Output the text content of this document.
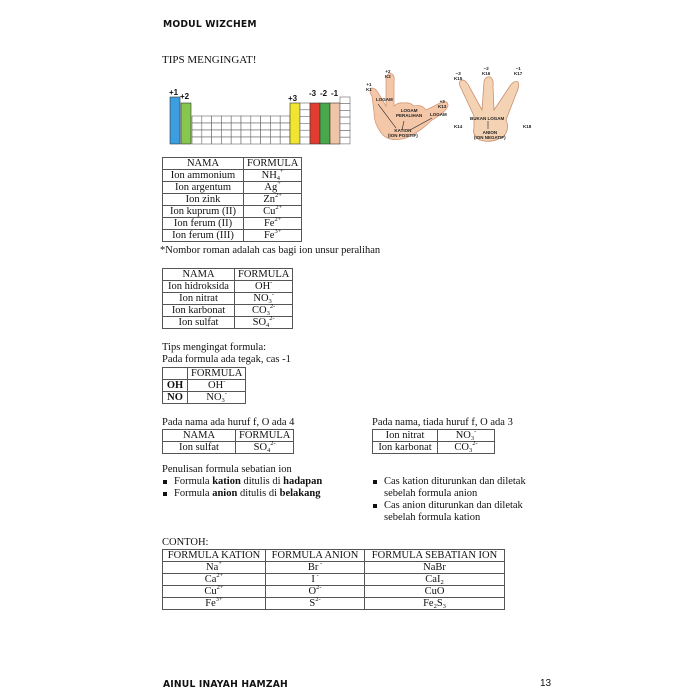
MODUL WIZCHEM
TIPS MENGINGAT!
+1 +2	+3
-3 -2 -1
+1
K1
+2
K2
+3
K13
LOGAM
LOGAM
PERALIHAN LOGAM
KATION
(ION POSITIF)
−3
K15
−2
K16
−1
K17
K14	K18
BUKAN LOGAM
ANION
(ION NEGATIF)
NAMA	FORMULA
Ion ammonium	$NH_4^+$
Ion argentum	Ag+
Ion zink	$Zn^{2+}$
Ion kuprum (II)	$Cu^{2+}$
Ion ferum (II)	$Fe^{2+}$
Ion ferum (III)	$Fe^{3+}$
*Nombor roman adalah cas bagi ion unsur peralihan
NAMA	FORMULA
Ion hidroksida	OH-
Ion nitrat	$NO_3^-$
Ion karbonat	$CO_3^{2-}$
Ion sulfat	$SO_4^{2-}$
Tips mengingat formula:
Pada formula ada tegak, cas -1
	FORMULA
OH	OH-
NO	$NO_3^-$
Pada nama ada huruf f, O ada 4
NAMA	FORMULA
Ion sulfat	$SO_4^{2-}$
Pada nama, tiada huruf f, O ada 3
Ion nitrat	$NO_3^-$
Ion karbonat	$CO_3^{2-}$
Penulisan formula sebatian ion
Formula kation ditulis di hadapan
Formula anion ditulis di belakang
Cas kation diturunkan dan diletak
sebelah formula anion
Cas anion diturunkan dan diletak
sebelah formula kation
CONTOH:
FORMULA KATION	FORMULA ANION	FORMULA SEBATIAN ION
Na+	Br -	NaBr
$Ca^{2+}$	I -	CaI$_2$
$Cu^{2+}$	$O^{2-}$	CuO
$Fe^{3+}$	$S^{2-}$	$Fe_2S_3$
AINUL INAYAH HAMZAH	13
